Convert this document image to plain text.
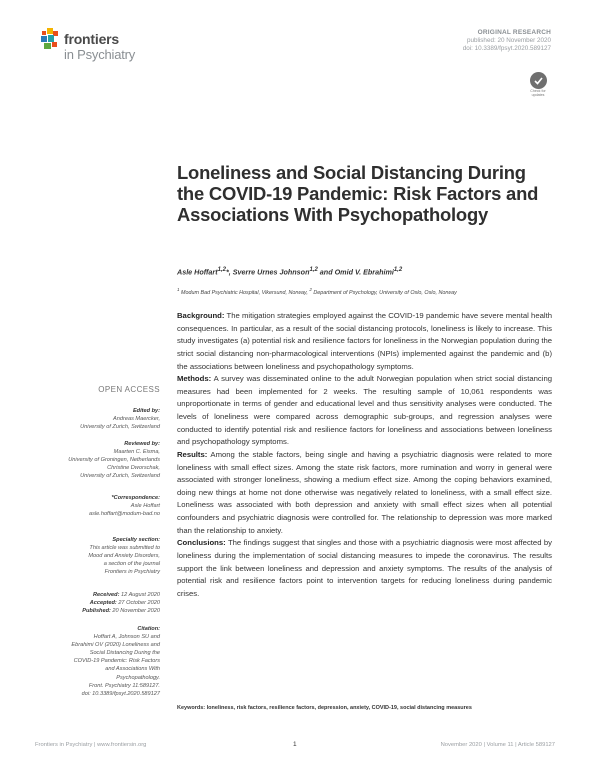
frontiers
in Psychiatry
ORIGINAL RESEARCH
published: 20 November 2020
doi: 10.3389/fpsyt.2020.589127
Check for
updates
Loneliness and Social Distancing During the COVID-19 Pandemic: Risk Factors and Associations With Psychopathology
Asle Hoffart$^{1,2}$*, Sverre Urnes Johnson$^{1,2}$ and Omid V. Ebrahimi$^{1,2}$
$^1$ Modum Bad Psychiatric Hospital, Vikersund, Norway, $^2$ Department of Psychology, University of Oslo, Oslo, Norway

Background: The mitigation strategies employed against the COVID-19 pandemic have severe mental health consequences. In particular, as a result of the social distancing protocols, loneliness is likely to increase. This study investigates (a) potential risk and resilience factors for loneliness in the Norwegian population during the strict social distancing non-pharmacological interventions (NPIs) implemented against the pandemic and (b) the associations between loneliness and psychopathology symptoms.

Methods: A survey was disseminated online to the adult Norwegian population when strict social distancing measures had been implemented for 2 weeks. The resulting sample of 10,061 respondents was unproportionate in terms of gender and educational level and thus sensitivity analyses were conducted. The levels of loneliness were compared across demographic sub-groups, and regression analyses were conducted to identify potential risk and resilience factors for loneliness and associations between loneliness and psychopathology symptoms.

Results: Among the stable factors, being single and having a psychiatric diagnosis were related to more loneliness with small effect sizes. Among the state risk factors, more rumination and worry in general were associated with stronger loneliness, showing a medium effect size. Among the coping behaviors examined, doing new things at home not done otherwise was negatively related to loneliness, with a small effect size. Loneliness was associated with both depression and anxiety with small effect sizes when all potential confounders and psychiatric diagnosis were controlled for. The relationship to depression was more marked than the relationship to anxiety.

Conclusions: The findings suggest that singles and those with a psychiatric diagnosis were most affected by loneliness during the implementation of social distancing measures to impede the coronavirus. The results support the link between loneliness and depression and anxiety symptoms. The results of the analysis of potential risk and resilience factors point to intervention targets for reducing loneliness during pandemic crises.

Keywords: loneliness, risk factors, resilience factors, depression, anxiety, COVID-19, social distancing measures
OPEN ACCESS
Edited by:
Andreas Maercker,
University of Zurich, Switzerland
Reviewed by:
Maarten C. Eisma,
University of Groningen, Netherlands
Christine Dworschak,
University of Zurich, Switzerland
*Correspondence:
Asle Hoffart
asle.hoffart@modum-bad.no
Specialty section:
This article was submitted to
Mood and Anxiety Disorders,
a section of the journal
Frontiers in Psychiatry
Received: 12 August 2020
Accepted: 27 October 2020
Published: 20 November 2020
Citation:
Hoffart A, Johnson SU and
Ebrahimi OV (2020) Loneliness and
Social Distancing During the
COVID-19 Pandemic: Risk Factors
and Associations With
Psychopathology.
Front. Psychiatry 11:589127.
doi: 10.3389/fpsyt.2020.589127
Frontiers in Psychiatry | www.frontiersin.org	1	November 2020 | Volume 11 | Article 589127
